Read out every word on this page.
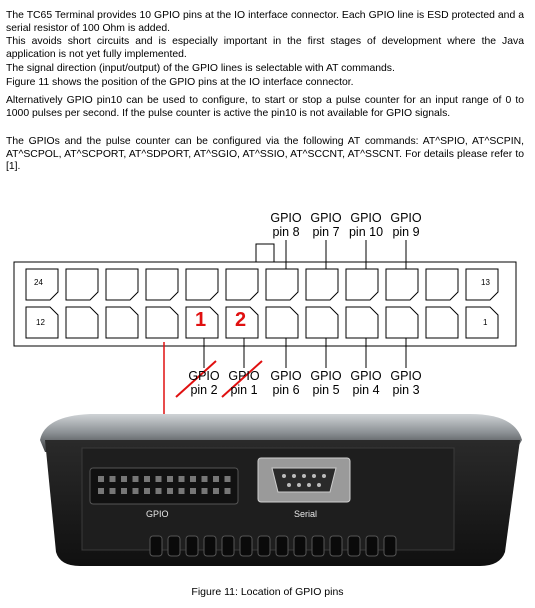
The TC65 Terminal provides 10 GPIO pins at the IO interface connector. Each GPIO line is ESD protected and a serial resistor of 100 Ohm is added.

This avoids short circuits and is especially important in the first stages of development where the Java application is not yet fully implemented.

The signal direction (input/output) of the GPIO lines is selectable with AT commands.

Figure 11 shows the position of the GPIO pins at the IO interface connector.

Alternatively GPIO pin10 can be used to configure, to start or stop a pulse counter for an input range of 0 to 1000 pulses per second. If the pulse counter is active the pin10 is not available for GPIO signals.

The GPIOs and the pulse counter can be configured via the following AT commands: AT^SPIO, AT^SCPIN, AT^SCPOL, AT^SCPORT, AT^SDPORT, AT^SGIO, AT^SSIO, AT^SCCNT, AT^SSCNT. For details please refer to [1].

24	13
12	1
1 2
GPIO
pin 8
GPIO
pin 7
GPIO
pin 10
GPIO
pin 9
GPIO
pin 2
GPIO
pin 1
GPIO
pin 6
GPIO
pin 5
GPIO
pin 4
GPIO
pin 3
GPIO	Serial
Figure 11: Location of GPIO pins
